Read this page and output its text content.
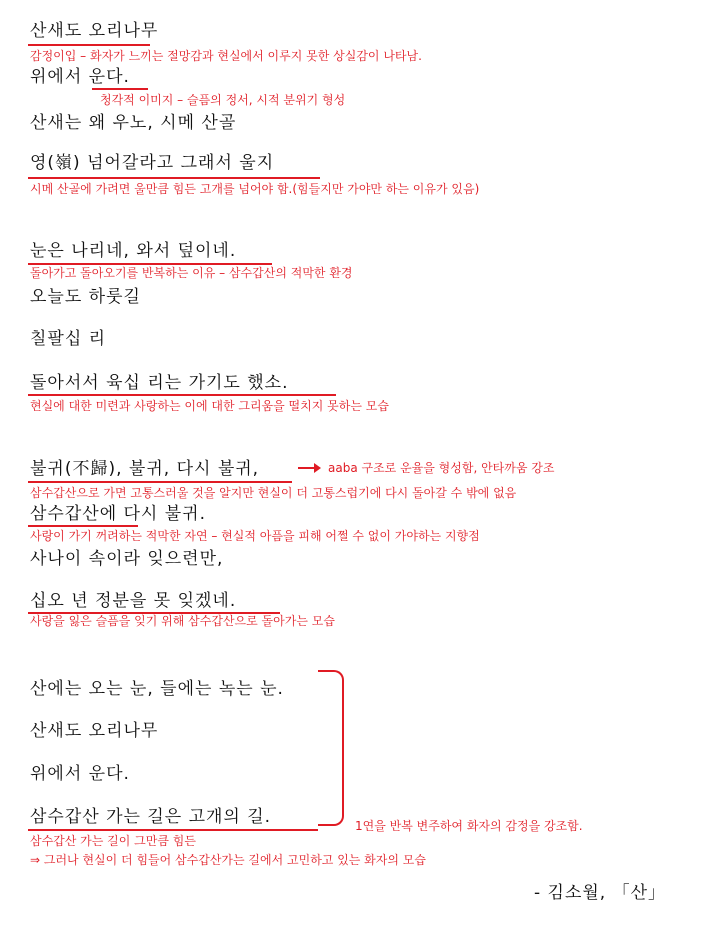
산새도 오리나무
감정이입 – 화자가 느끼는 절망감과 현실에서 이루지 못한 상실감이 나타남.
위에서 운다.
청각적 이미지 – 슬픔의 정서, 시적 분위기 형성
산새는 왜 우노, 시메 산골
영(嶺) 넘어갈라고 그래서 울지
시메 산골에 가려면 울만큼 힘든 고개를 넘어야 함.(힘들지만 가야만 하는 이유가 있음)
눈은 나리네, 와서 덮이네.
돌아가고 돌아오기를 반복하는 이유 – 삼수갑산의 적막한 환경
오늘도 하룻길
칠팔십 리
돌아서서 육십 리는 가기도 했소.
현실에 대한 미련과 사랑하는 이에 대한 그리움을 떨치지 못하는 모습
불귀(不歸), 불귀, 다시 불귀,	aaba 구조로 운율을 형성함, 안타까움 강조
삼수갑산으로 가면 고통스러울 것을 알지만 현실이 더 고통스럽기에 다시 돌아갈 수 밖에 없음
삼수갑산에 다시 불귀.
사랑이 가기 꺼려하는 적막한 자연 – 현실적 아픔을 피해 어쩔 수 없이 가야하는 지향점
사나이 속이라 잊으련만,
십오 년 정분을 못 잊겠네.
사랑을 잃은 슬픔을 잊기 위해 삼수갑산으로 돌아가는 모습
산에는 오는 눈, 들에는 녹는 눈.
산새도 오리나무
위에서 운다.
삼수갑산 가는 길은 고개의 길.
삼수갑산 가는 길이 그만큼 힘든
⇒ 그러나 현실이 더 힘들어 삼수갑산가는 길에서 고민하고 있는 화자의 모습
1연을 반복 변주하여 화자의 감정을 강조함.
- 김소월, 「산」
